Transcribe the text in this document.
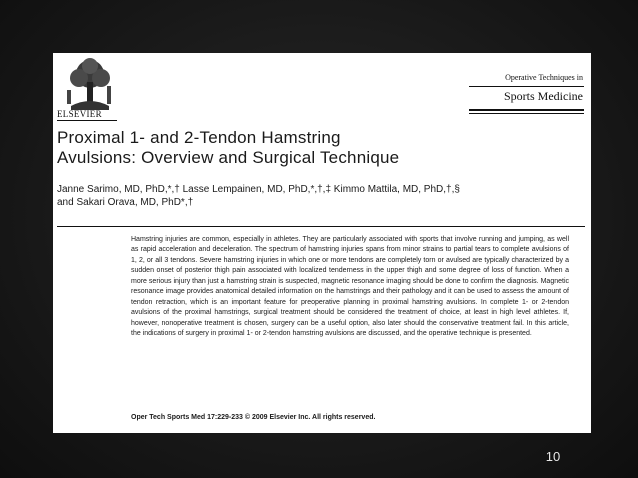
ELSEVIER
Operative Techniques in
Sports Medicine
Proximal 1- and 2-Tendon Hamstring
Avulsions: Overview and Surgical Technique
Janne Sarimo, MD, PhD,*,† Lasse Lempainen, MD, PhD,*,†,‡ Kimmo Mattila, MD, PhD,†,§
and Sakari Orava, MD, PhD*,†
Hamstring injuries are common, especially in athletes. They are particularly associated with sports that involve running and jumping, as well as rapid acceleration and deceleration. The spectrum of hamstring injuries spans from minor strains to partial tears to complete avulsions of 1, 2, or all 3 tendons. Severe hamstring injuries in which one or more tendons are completely torn or avulsed are typically characterized by a sudden onset of posterior thigh pain associated with localized tenderness in the upper thigh and some degree of loss of function. When a more serious injury than just a hamstring strain is suspected, magnetic resonance imaging should be done to confirm the diagnosis. Magnetic resonance image provides anatomical detailed information on the hamstrings and their pathology and it can be used to assess the amount of tendon retraction, which is an important feature for preoperative planning in proximal hamstring avulsions. In complete 1- or 2-tendon avulsions of the proximal hamstrings, surgical treatment should be considered the treatment of choice, at least in high level athletes. If, however, nonoperative treatment is chosen, surgery can be a useful option, also later should the conservative treatment fail. In this article, the indications of surgery in proximal 1- or 2-tendon hamstring avulsions are discussed, and the operative technique is presented.
Oper Tech Sports Med 17:229-233 © 2009 Elsevier Inc. All rights reserved.
10
